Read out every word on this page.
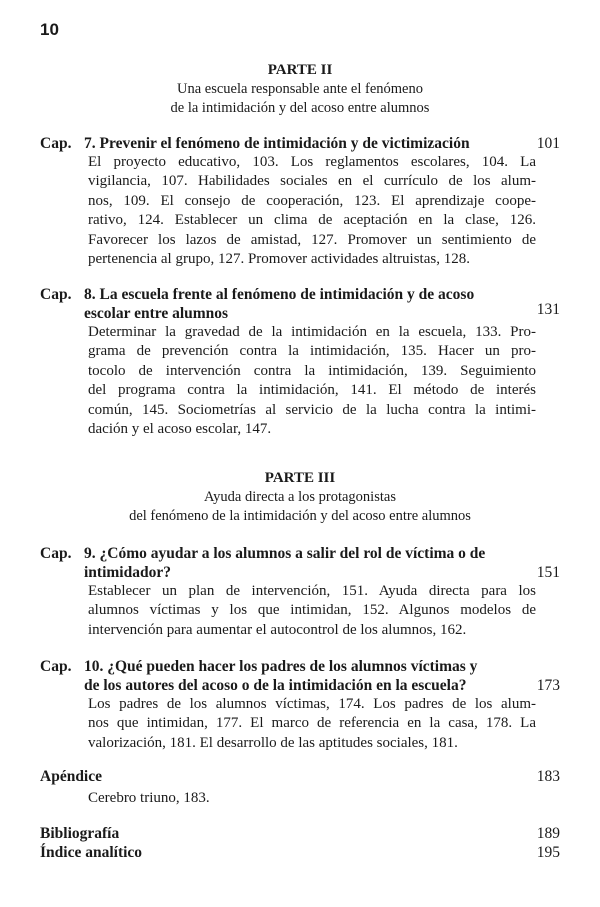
10
PARTE II
Una escuela responsable ante el fenómeno
de la intimidación y del acoso entre alumnos
Cap. 7. Prevenir el fenómeno de intimidación y de victimización	101
El proyecto educativo, 103. Los reglamentos escolares, 104. La
vigilancia, 107. Habilidades sociales en el currículo de los alum-
nos, 109. El consejo de cooperación, 123. El aprendizaje coope-
rativo, 124. Establecer un clima de aceptación en la clase, 126.
Favorecer los lazos de amistad, 127. Promover un sentimiento de
pertenencia al grupo, 127. Promover actividades altruistas, 128.
Cap. 8. La escuela frente al fenómeno de intimidación y de acoso
escolar entre alumnos	131
Determinar la gravedad de la intimidación en la escuela, 133. Pro-
grama de prevención contra la intimidación, 135. Hacer un pro-
tocolo de intervención contra la intimidación, 139. Seguimiento
del programa contra la intimidación, 141. El método de interés
común, 145. Sociometrías al servicio de la lucha contra la intimi-
dación y el acoso escolar, 147.
PARTE III
Ayuda directa a los protagonistas
del fenómeno de la intimidación y del acoso entre alumnos
Cap. 9. ¿Cómo ayudar a los alumnos a salir del rol de víctima o de
intimidador?	151
Establecer un plan de intervención, 151. Ayuda directa para los
alumnos víctimas y los que intimidan, 152. Algunos modelos de
intervención para aumentar el autocontrol de los alumnos, 162.
Cap. 10. ¿Qué pueden hacer los padres de los alumnos víctimas y
de los autores del acoso o de la intimidación en la escuela?	173
Los padres de los alumnos víctimas, 174. Los padres de los alum-
nos que intimidan, 177. El marco de referencia en la casa, 178. La
valorización, 181. El desarrollo de las aptitudes sociales, 181.
Apéndice	183
Cerebro triuno, 183.
Bibliografía	189
Índice analítico	195
